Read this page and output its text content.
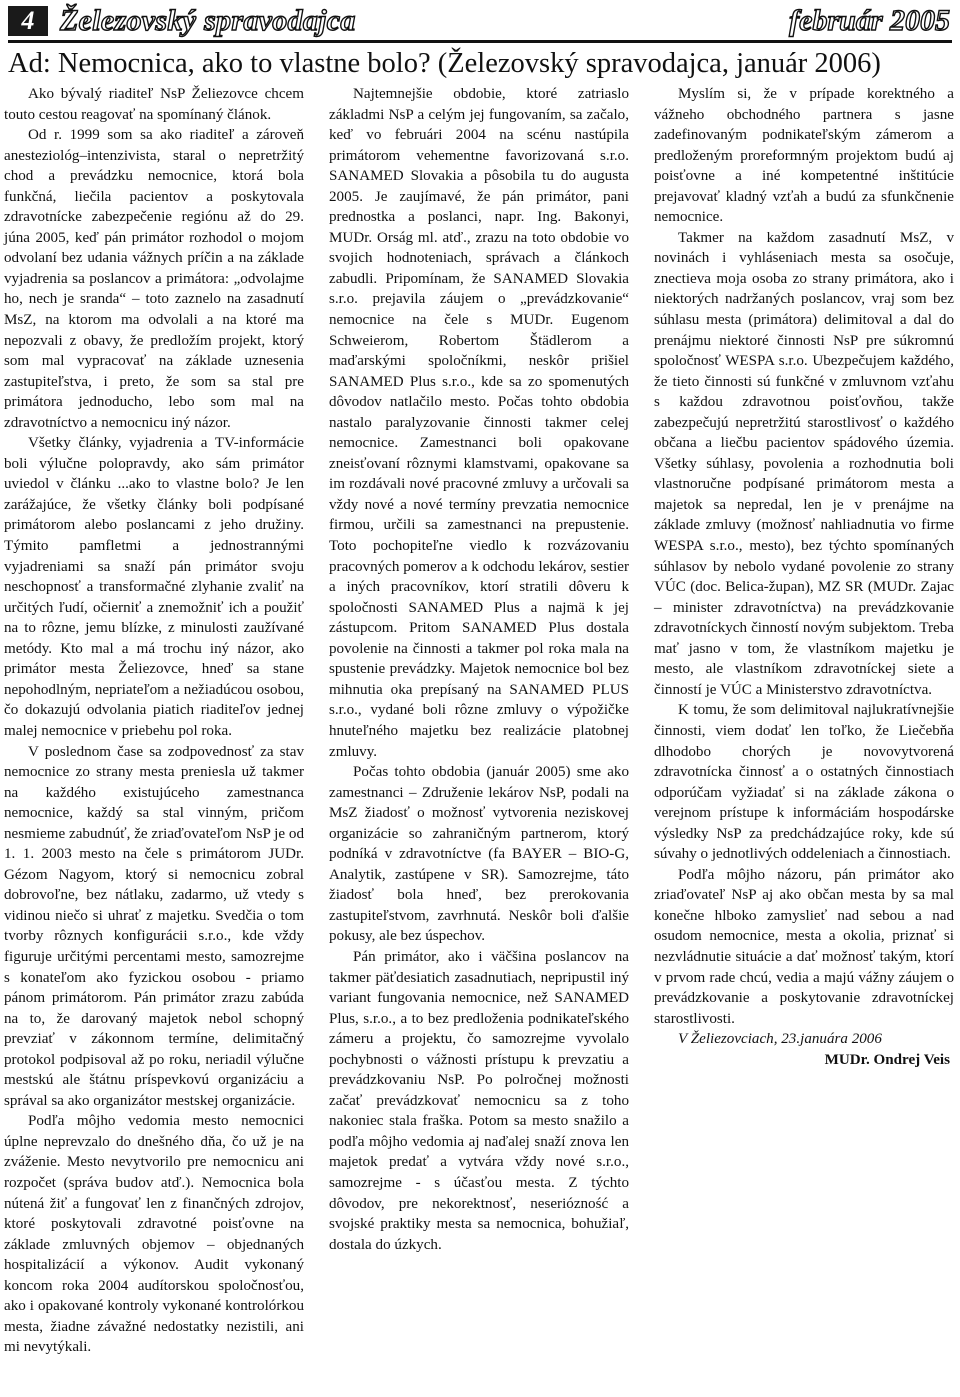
4 Železovský spravodajca	február 2005
Ad: Nemocnica, ako to vlastne bolo? (Železovský spravodajca, január 2006)

Ako bývalý riaditeľ NsP Želiezovce chcem touto cestou reagovať na spomínaný článok.

Od r. 1999 som sa ako riaditeľ a zároveň anesteziológ–intenzivista, staral o nepretržitý chod a prevádzku nemocnice, ktorá bola funkčná, liečila pacientov a poskytovala zdravotnícke zabezpečenie regiónu až do 29. júna 2005, keď pán primátor rozhodol o mojom odvolaní bez udania vážnych príčin a na základe vyjadrenia sa poslancov a primátora: „odvolajme ho, nech je sranda“ – toto zaznelo na zasadnutí MsZ, na ktorom ma odvolali a na ktoré ma nepozvali z obavy, že predložím projekt, ktorý som mal vypracovať na základe uznesenia zastupiteľstva, i preto, že som sa stal pre primátora jednoducho, lebo som mal na zdravotníctvo a nemocnicu iný názor.

Všetky články, vyjadrenia a TV-informácie boli výlučne polopravdy, ako sám primátor uviedol v článku ...ako to vlastne bolo? Je len zarážajúce, že všetky články boli podpísané primátorom alebo poslancami z jeho družiny. Týmito pamfletmi a jednostrannými vyjadreniami sa snaží pán primátor svoju neschopnosť a transformačné zlyhanie zvaliť na určitých ľudí, očierniť a znemožniť ich a použiť na to rôzne, jemu blízke, z minulosti zaužívané metódy. Kto mal a má trochu iný názor, ako primátor mesta Želiezovce, hneď sa stane nepohodlným, nepriateľom a nežiadúcou osobou, čo dokazujú odvolania piatich riaditeľov jednej malej nemocnice v priebehu pol roka.

V poslednom čase sa zodpovednosť za stav nemocnice zo strany mesta preniesla už takmer na každého existujúceho zamestnanca nemocnice, každý sa stal vinným, pričom nesmieme zabudnúť, že zriaďovateľom NsP je od 1. 1. 2003 mesto na čele s primátorom JUDr. Gézom Nagyom, ktorý si nemocnicu zobral dobrovoľne, bez nátlaku, zadarmo, už vtedy s vidinou niečo si uhrať z majetku. Svedčia o tom tvorby rôznych konfigurácii s.r.o., kde vždy figuruje určitými percentami mesto, samozrejme s konateľom ako fyzickou osobou - priamo pánom primátorom. Pán primátor zrazu zabúda na to, že darovaný majetok nebol schopný prevziať v zákonnom termíne, delimitačný protokol podpisoval až po roku, neriadil výlučne mestskú ale štátnu príspevkovú organizáciu a správal sa ako organizátor mestskej organizácie.

Podľa môjho vedomia mesto nemocnici úplne neprevzalo do dnešného dňa, čo už je na zváženie. Mesto nevytvorilo pre nemocnicu ani rozpočet (správa budov atď.). Nemocnica bola nútená žiť a fungovať len z finančných zdrojov, ktoré poskytovali zdravotné poisťovne na základe zmluvných objemov – objednaných hospitalizácií a výkonov. Audit vykonaný koncom roka 2004 audítorskou spoločnosťou, ako i opakované kontroly vykonané kontrolórkou mesta, žiadne závažné nedostatky nezistili, ani mi nevytýkali.

Najtemnejšie obdobie, ktoré zatriaslo základmi NsP a celým jej fungovaním, sa začalo, keď vo februári 2004 na scénu nastúpila primátorom vehementne favorizovaná s.r.o. SANAMED Slovakia a pôsobila tu do augusta 2005. Je zaujímavé, že pán primátor, pani prednostka a poslanci, napr. Ing. Bakonyi, MUDr. Orság ml. atď., zrazu na toto obdobie vo svojich hodnoteniach, správach a článkoch zabudli. Pripomínam, že SANAMED Slovakia s.r.o. prejavila záujem o „prevádzkovanie“ nemocnice na čele s MUDr. Eugenom Schweierom, Robertom Štädlerom a maďarskými spoločníkmi, neskôr prišiel SANAMED Plus s.r.o., kde sa zo spomenutých dôvodov natlačilo mesto. Počas tohto obdobia nastalo paralyzovanie činnosti takmer celej nemocnice. Zamestnanci boli opakovane zneisťovaní rôznymi klamstvami, opakovane sa im rozdávali nové pracovné zmluvy a určovali sa vždy nové a nové termíny prevzatia nemocnice firmou, určili sa zamestnanci na prepustenie. Toto pochopiteľne viedlo k rozvázovaniu pracovných pomerov a k odchodu lekárov, sestier a iných pracovníkov, ktorí stratili dôveru k spoločnosti SANAMED Plus a najmä k jej zástupcom. Pritom SANAMED Plus dostala povolenie na činnosti a takmer pol roka mala na spustenie prevádzky. Majetok nemocnice bol bez mihnutia oka prepísaný na SANAMED PLUS s.r.o., vydané boli rôzne zmluvy o výpožičke hnuteľného majetku bez realizácie platobnej zmluvy.

Počas tohto obdobia (január 2005) sme ako zamestnanci – Združenie lekárov NsP, podali na MsZ žiadosť o možnosť vytvorenia neziskovej organizácie so zahraničným partnerom, ktorý podníká v zdravotníctve (fa BAYER – BIO-G, Analytik, zastúpene v SR). Samozrejme, táto žiadosť bola hneď, bez prerokovania zastupiteľstvom, zavrhnutá. Neskôr boli ďalšie pokusy, ale bez úspechov.

Pán primátor, ako i väčšina poslancov na takmer päťdesiatich zasadnutiach, nepripustil iný variant fungovania nemocnice, než SANAMED Plus, s.r.o., a to bez predloženia podnikateľského zámeru a projektu, čo samozrejme vyvolalo pochybnosti o vážnosti prístupu k prevzatiu a prevádzkovaniu NsP. Po polročnej možnosti začať prevádzkovať nemocnicu sa z toho nakoniec stala fraška. Potom sa mesto snažilo a podľa môjho vedomia aj naďalej snaží znova len majetok predať a vytvára vždy nové s.r.o., samozrejme - s účasťou mesta. Z týchto dôvodov, pre nekorektnosť, neseriózność a svojské praktiky mesta sa nemocnica, bohužiaľ, dostala do úzkych.

Myslím si, že v prípade korektného a vážneho obchodného partnera s jasne zadefinovaným podnikateľským zámerom a predloženým proreformným projektom budú aj poisťovne a iné kompetentné inštitúcie prejavovať kladný vzťah a budú za sfunkčnenie nemocnice.

Takmer na každom zasadnutí MsZ, v novinách i vyhláseniach mesta sa osočuje, znectieva moja osoba zo strany primátora, ako i niektorých nadržaných poslancov, vraj som bez súhlasu mesta (primátora) delimitoval a dal do prenájmu niektoré činnosti NsP pre súkromnú spoločnosť WESPA s.r.o. Ubezpečujem každého, že tieto činnosti sú funkčné v zmluvnom vzťahu s každou zdravotnou poisťovňou, takže zabezpečujú nepretržitú starostlivosť o každého občana a liečbu pacientov spádového územia. Všetky súhlasy, povolenia a rozhodnutia boli vlastnoručne podpísané primátorom mesta a majetok sa nepredal, len je v prenájme na základe zmluvy (možnosť nahliadnutia vo firme WESPA s.r.o., mesto), bez týchto spomínaných súhlasov by nebolo vydané povolenie zo strany VÚC (doc. Belica-župan), MZ SR (MUDr. Zajac – minister zdravotníctva) na prevádzkovanie zdravotníckych činností novým subjektom. Treba mať jasno v tom, že vlastníkom majetku je mesto, ale vlastníkom zdravotníckej siete a činností je VÚC a Ministerstvo zdravotníctva.

K tomu, že som delimitoval najlukratívnejšie činnosti, viem dodať len toľko, že Liečebňa dlhodobo chorých je novovytvorená zdravotnícka činnosť a o ostatných činnostiach odporúčam vyžiadať si na základe zákona o verejnom prístupe k informáciám hospodárske výsledky NsP za predchádzajúce roky, kde sú súvahy o jednotlivých oddeleniach a činnostiach.

Podľa môjho názoru, pán primátor ako zriaďovateľ NsP aj ako občan mesta by sa mal konečne hlboko zamyslieť nad sebou a nad osudom nemocnice, mesta a okolia, priznať si nezvládnutie situácie a dať možnosť takým, ktorí v prvom rade chcú, vedia a majú vážny záujem o prevádzkovanie a poskytovanie zdravotníckej starostlivosti.

V Želiezovciach, 23.januára 2006

MUDr. Ondrej Veis
